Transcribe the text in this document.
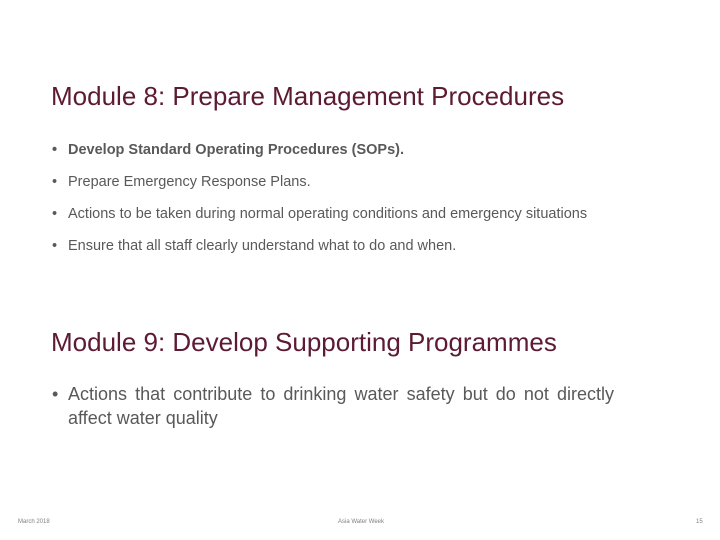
Module 8: Prepare Management Procedures
• Develop Standard Operating Procedures (SOPs).
• Prepare Emergency Response Plans.
• Actions to be taken during normal operating conditions and emergency situations
• Ensure that all staff clearly understand what to do and when.
Module 9: Develop Supporting Programmes
• Actions that contribute to drinking water safety but do not directly affect water quality
March 2018	Asia Water Week	15
